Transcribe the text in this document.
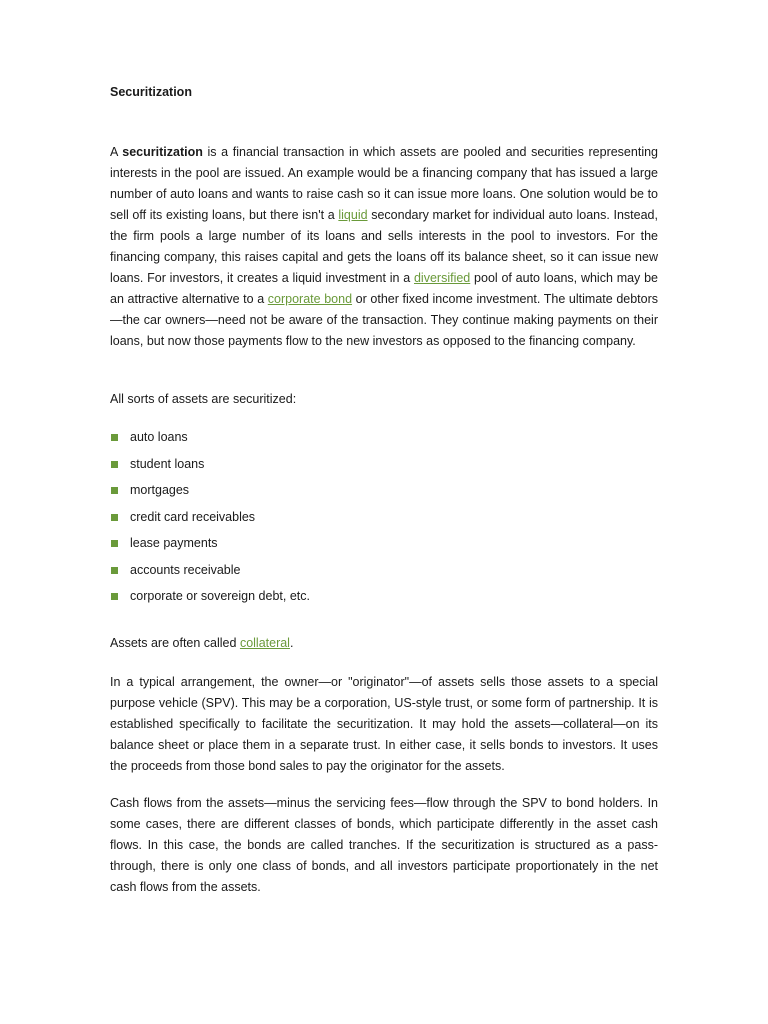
Securitization

A securitization is a financial transaction in which assets are pooled and securities representing interests in the pool are issued. An example would be a financing company that has issued a large number of auto loans and wants to raise cash so it can issue more loans. One solution would be to sell off its existing loans, but there isn't a liquid secondary market for individual auto loans. Instead, the firm pools a large number of its loans and sells interests in the pool to investors. For the financing company, this raises capital and gets the loans off its balance sheet, so it can issue new loans. For investors, it creates a liquid investment in a diversified pool of auto loans, which may be an attractive alternative to a corporate bond or other fixed income investment. The ultimate debtors—the car owners—need not be aware of the transaction. They continue making payments on their loans, but now those payments flow to the new investors as opposed to the financing company.

All sorts of assets are securitized:

auto loans
student loans
mortgages
credit card receivables
lease payments
accounts receivable
corporate or sovereign debt, etc.

Assets are often called collateral.

In a typical arrangement, the owner—or "originator"—of assets sells those assets to a special purpose vehicle (SPV). This may be a corporation, US-style trust, or some form of partnership. It is established specifically to facilitate the securitization. It may hold the assets—collateral—on its balance sheet or place them in a separate trust. In either case, it sells bonds to investors. It uses the proceeds from those bond sales to pay the originator for the assets.

Cash flows from the assets—minus the servicing fees—flow through the SPV to bond holders. In some cases, there are different classes of bonds, which participate differently in the asset cash flows. In this case, the bonds are called tranches. If the securitization is structured as a pass-through, there is only one class of bonds, and all investors participate proportionately in the net cash flows from the assets.
